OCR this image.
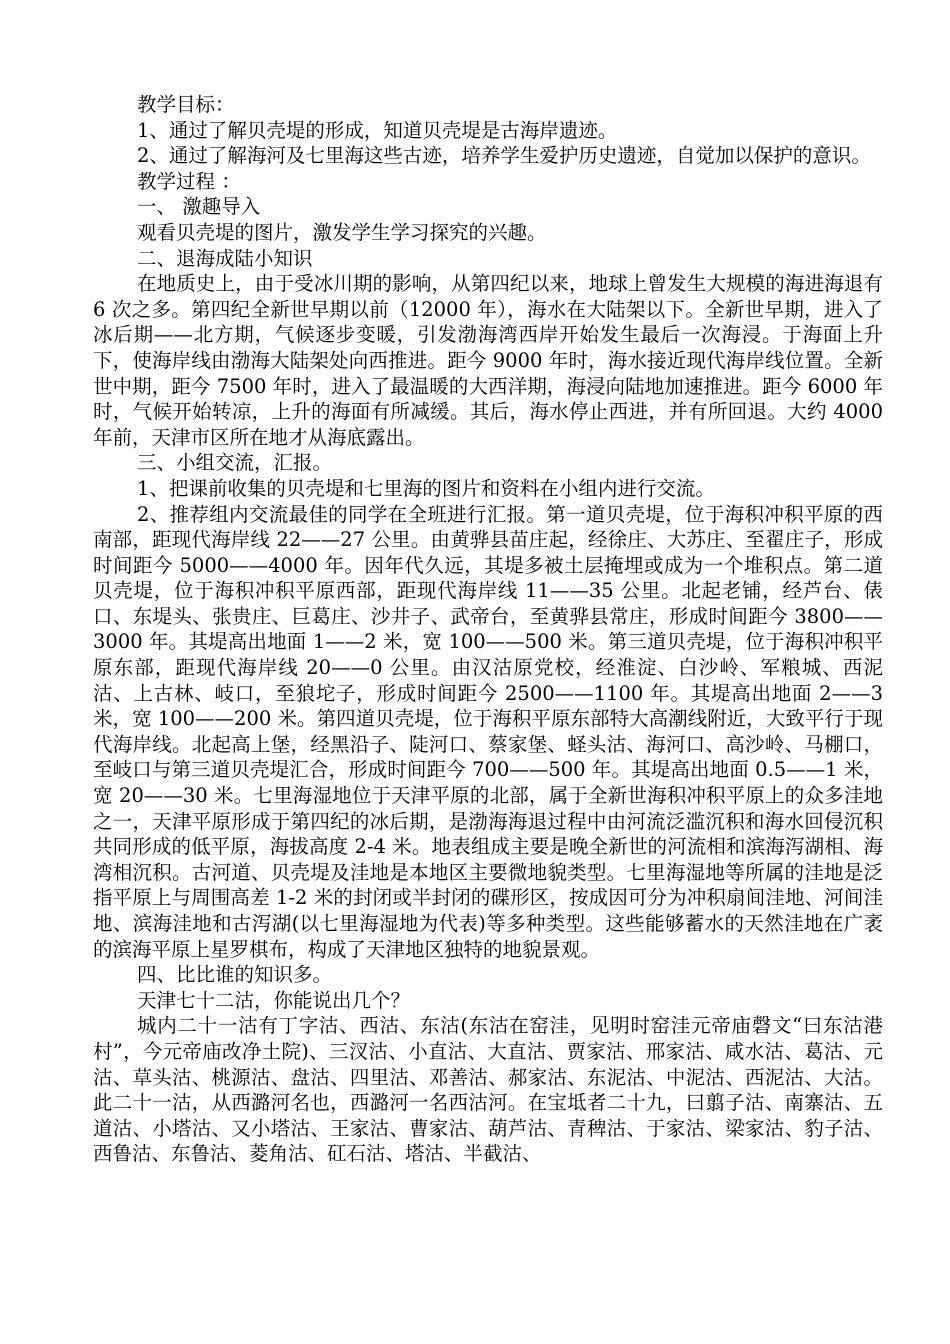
教学目标：

1、通过了解贝壳堤的形成，知道贝壳堤是古海岸遗迹。

2、通过了解海河及七里海这些古迹，培养学生爱护历史遗迹，自觉加以保护的意识。

教学过程 ：

一、 激趣导入

观看贝壳堤的图片，激发学生学习探究的兴趣。

二、退海成陆小知识

在地质史上，由于受冰川期的影响，从第四纪以来，地球上曾发生大规模的海进海退有 6 次之多。第四纪全新世早期以前（12000 年），海水在大陆架以下。全新世早期，进入了冰后期——北方期，气候逐步变暖，引发渤海湾西岸开始发生最后一次海浸。于海面上升下，使海岸线由渤海大陆架处向西推进。距今 9000 年时，海水接近现代海岸线位置。全新世中期，距今 7500 年时，进入了最温暖的大西洋期，海浸向陆地加速推进。距今 6000 年时，气候开始转凉，上升的海面有所减缓。其后，海水停止西进，并有所回退。大约 4000 年前，天津市区所在地才从海底露出。

三、小组交流，汇报。

1、把课前收集的贝壳堤和七里海的图片和资料在小组内进行交流。

2、推荐组内交流最佳的同学在全班进行汇报。第一道贝壳堤，位于海积冲积平原的西南部，距现代海岸线 22——27 公里。由黄骅县苗庄起，经徐庄、大苏庄、至翟庄子，形成时间距今 5000——4000 年。因年代久远，其堤多被土层掩埋或成为一个堆积点。第二道贝壳堤，位于海积冲积平原西部，距现代海岸线 11——35 公里。北起老铺，经芦台、俵口、东堤头、张贵庄、巨葛庄、沙井子、武帝台，至黄骅县常庄，形成时间距今 3800——3000 年。其堤高出地面 1——2 米，宽 100——500 米。第三道贝壳堤，位于海积冲积平原东部，距现代海岸线 20——0 公里。由汉沽原党校，经淮淀、白沙岭、军粮城、西泥沽、上古林、岐口，至狼坨子，形成时间距今 2500——1100 年。其堤高出地面 2——3 米，宽 100——200 米。第四道贝壳堤，位于海积平原东部特大高潮线附近，大致平行于现代海岸线。北起高上堡，经黑沿子、陡河口、蔡家堡、蛏头沽、海河口、高沙岭、马棚口，至岐口与第三道贝壳堤汇合，形成时间距今 700——500 年。其堤高出地面 0.5——1 米，宽 20——30 米。七里海湿地位于天津平原的北部，属于全新世海积冲积平原上的众多洼地之一，天津平原形成于第四纪的冰后期，是渤海海退过程中由河流泛滥沉积和海水回侵沉积共同形成的低平原，海拔高度 2-4 米。地表组成主要是晚全新世的河流相和滨海泻湖相、海湾相沉积。古河道、贝壳堤及洼地是本地区主要微地貌类型。七里海湿地等所属的洼地是泛指平原上与周围高差 1-2 米的封闭或半封闭的碟形区，按成因可分为冲积扇间洼地、河间洼地、滨海洼地和古泻湖(以七里海湿地为代表)等多种类型。这些能够蓄水的天然洼地在广袤的滨海平原上星罗棋布，构成了天津地区独特的地貌景观。

四、比比谁的知识多。

天津七十二沽，你能说出几个？

城内二十一沽有丁字沽、西沽、东沽(东沽在窑洼，见明时窑洼元帝庙磬文“曰东沽港村”，今元帝庙改净土院)、三汊沽、小直沽、大直沽、贾家沽、邢家沽、咸水沽、葛沽、元沽、草头沽、桃源沽、盘沽、四里沽、邓善沽、郝家沽、东泥沽、中泥沽、西泥沽、大沽。此二十一沽，从西潞河名也，西潞河一名西沽河。在宝坻者二十九，曰翦子沽、南寨沽、五道沽、小塔沽、又小塔沽、王家沽、曹家沽、葫芦沽、青稗沽、于家沽、梁家沽、豹子沽、西鲁沽、东鲁沽、菱角沽、矼石沽、塔沽、半截沽、
